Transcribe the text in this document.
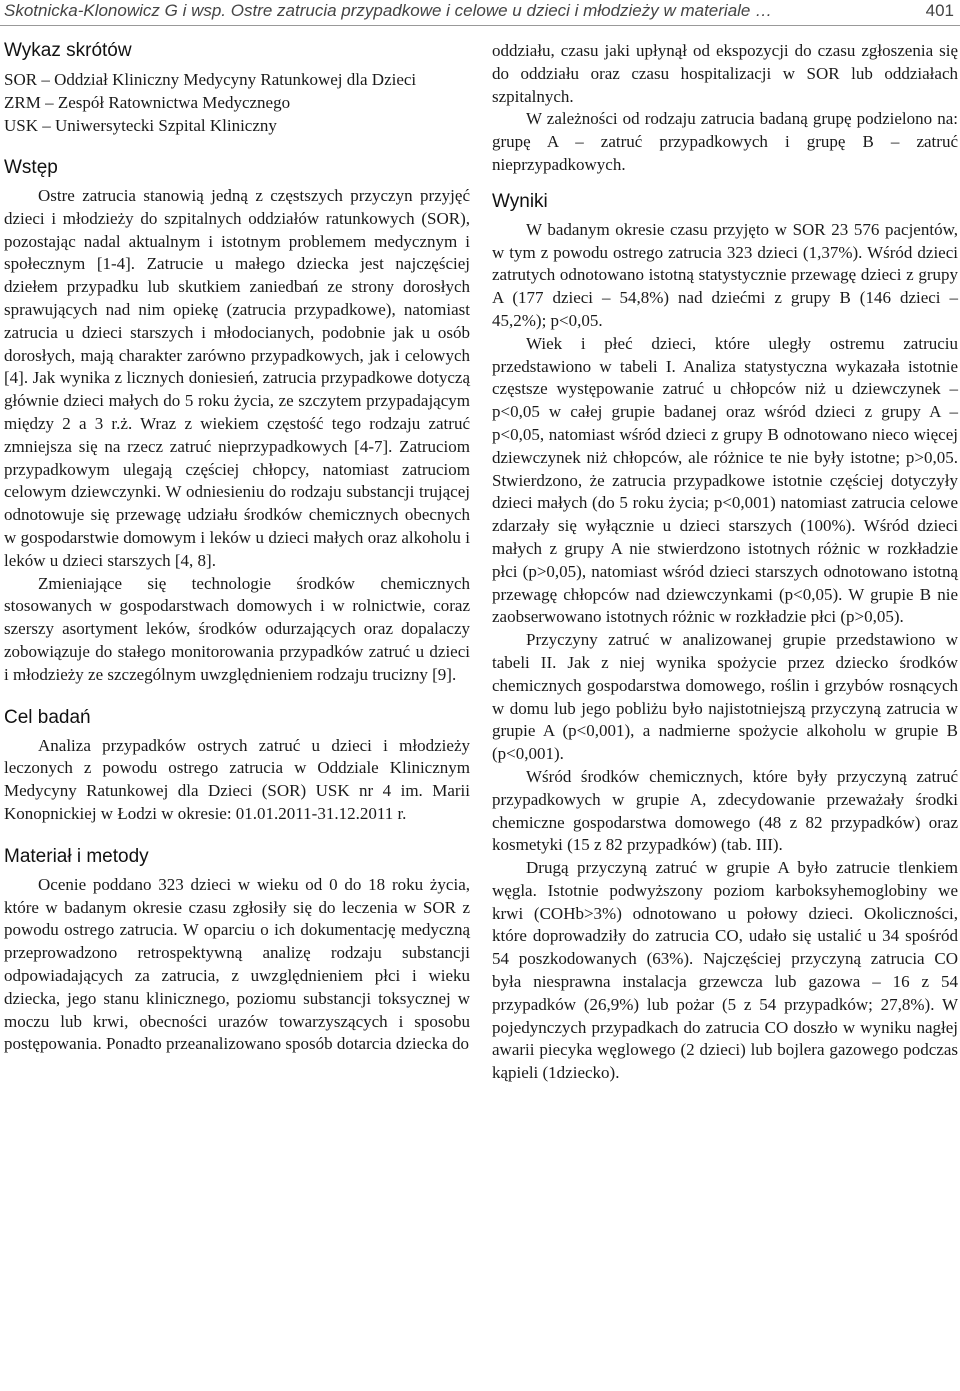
Skotnicka-Klonowicz G i wsp. Ostre zatrucia przypadkowe i celowe u dzieci i młodzieży w materiale …	401
Wykaz skrótów

SOR – Oddział Kliniczny Medycyny Ratunkowej dla Dzieci

ZRM – Zespół Ratownictwa Medycznego

USK – Uniwersytecki Szpital Kliniczny

Wstęp

Ostre zatrucia stanowią jedną z częstszych przyczyn przyjęć dzieci i młodzieży do szpitalnych oddziałów ratunkowych (SOR), pozostając nadal aktualnym i istotnym problemem medycznym i społecznym [1-4]. Zatrucie u małego dziecka jest najczęściej dziełem przypadku lub skutkiem zaniedbań ze strony dorosłych sprawujących nad nim opiekę (zatrucia przypadkowe), natomiast zatrucia u dzieci starszych i młodocianych, podobnie jak u osób dorosłych, mają charakter zarówno przypadkowych, jak i celowych [4]. Jak wynika z licznych doniesień, zatrucia przypadkowe dotyczą głównie dzieci małych do 5 roku życia, ze szczytem przypadającym między 2 a 3 r.ż. Wraz z wiekiem częstość tego rodzaju zatruć zmniejsza się na rzecz zatruć nieprzypadkowych [4-7]. Zatruciom przypadkowym ulegają częściej chłopcy, natomiast zatruciom celowym dziewczynki. W odniesieniu do rodzaju substancji trującej odnotowuje się przewagę udziału środków chemicznych obecnych w gospodarstwie domowym i leków u dzieci małych oraz alkoholu i leków u dzieci starszych [4, 8].

Zmieniające się technologie środków chemicznych stosowanych w gospodarstwach domowych i w rolnictwie, coraz szerszy asortyment leków, środków odurzających oraz dopalaczy zobowiązuje do stałego monitorowania przypadków zatruć u dzieci i młodzieży ze szczególnym uwzględnieniem rodzaju trucizny [9].

Cel badań

Analiza przypadków ostrych zatruć u dzieci i młodzieży leczonych z powodu ostrego zatrucia w Oddziale Klinicznym Medycyny Ratunkowej dla Dzieci (SOR) USK nr 4 im. Marii Konopnickiej w Łodzi w okresie: 01.01.2011-31.12.2011 r.

Materiał i metody

Ocenie poddano 323 dzieci w wieku od 0 do 18 roku życia, które w badanym okresie czasu zgłosiły się do leczenia w SOR z powodu ostrego zatrucia. W oparciu o ich dokumentację medyczną przeprowadzono retrospektywną analizę rodzaju substancji odpowiadających za zatrucia, z uwzględnieniem płci i wieku dziecka, jego stanu klinicznego, poziomu substancji toksycznej w moczu lub krwi, obecności urazów towarzyszących i sposobu postępowania. Ponadto przeanalizowano sposób dotarcia dziecka do

oddziału, czasu jaki upłynął od ekspozycji do czasu zgłoszenia się do oddziału oraz czasu hospitalizacji w SOR lub oddziałach szpitalnych.

W zależności od rodzaju zatrucia badaną grupę podzielono na: grupę A – zatruć przypadkowych i grupę B – zatruć nieprzypadkowych.

Wyniki

W badanym okresie czasu przyjęto w SOR 23 576 pacjentów, w tym z powodu ostrego zatrucia 323 dzieci (1,37%). Wśród dzieci zatrutych odnotowano istotną statystycznie przewagę dzieci z grupy A (177 dzieci – 54,8%) nad dziećmi z grupy B (146 dzieci – 45,2%); p<0,05.

Wiek i płeć dzieci, które uległy ostremu zatruciu przedstawiono w tabeli I. Analiza statystyczna wykazała istotnie częstsze występowanie zatruć u chłopców niż u dziewczynek – p<0,05 w całej grupie badanej oraz wśród dzieci z grupy A – p<0,05, natomiast wśród dzieci z grupy B odnotowano nieco więcej dziewczynek niż chłopców, ale różnice te nie były istotne; p>0,05. Stwierdzono, że zatrucia przypadkowe istotnie częściej dotyczyły dzieci małych (do 5 roku życia; p<0,001) natomiast zatrucia celowe zdarzały się wyłącznie u dzieci starszych (100%). Wśród dzieci małych z grupy A nie stwierdzono istotnych różnic w rozkładzie płci (p>0,05), natomiast wśród dzieci starszych odnotowano istotną przewagę chłopców nad dziewczynkami (p<0,05). W grupie B nie zaobserwowano istotnych różnic w rozkładzie płci (p>0,05).

Przyczyny zatruć w analizowanej grupie przedstawiono w tabeli II. Jak z niej wynika spożycie przez dziecko środków chemicznych gospodarstwa domowego, roślin i grzybów rosnących w domu lub jego pobliżu było najistotniejszą przyczyną zatrucia w grupie A (p<0,001), a nadmierne spożycie alkoholu w grupie B (p<0,001).

Wśród środków chemicznych, które były przyczyną zatruć przypadkowych w grupie A, zdecydowanie przeważały środki chemiczne gospodarstwa domowego (48 z 82 przypadków) oraz kosmetyki (15 z 82 przypadków) (tab. III).

Drugą przyczyną zatruć w grupie A było zatrucie tlenkiem węgla. Istotnie podwyższony poziom karboksyhemoglobiny we krwi (COHb>3%) odnotowano u połowy dzieci. Okoliczności, które doprowadziły do zatrucia CO, udało się ustalić u 34 spośród 54 poszkodowanych (63%). Najczęściej przyczyną zatrucia CO była niesprawna instalacja grzewcza lub gazowa – 16 z 54 przypadków (26,9%) lub pożar (5 z 54 przypadków; 27,8%). W pojedynczych przypadkach do zatrucia CO doszło w wyniku nagłej awarii piecyka węglowego (2 dzieci) lub bojlera gazowego podczas kąpieli (1dziecko).
